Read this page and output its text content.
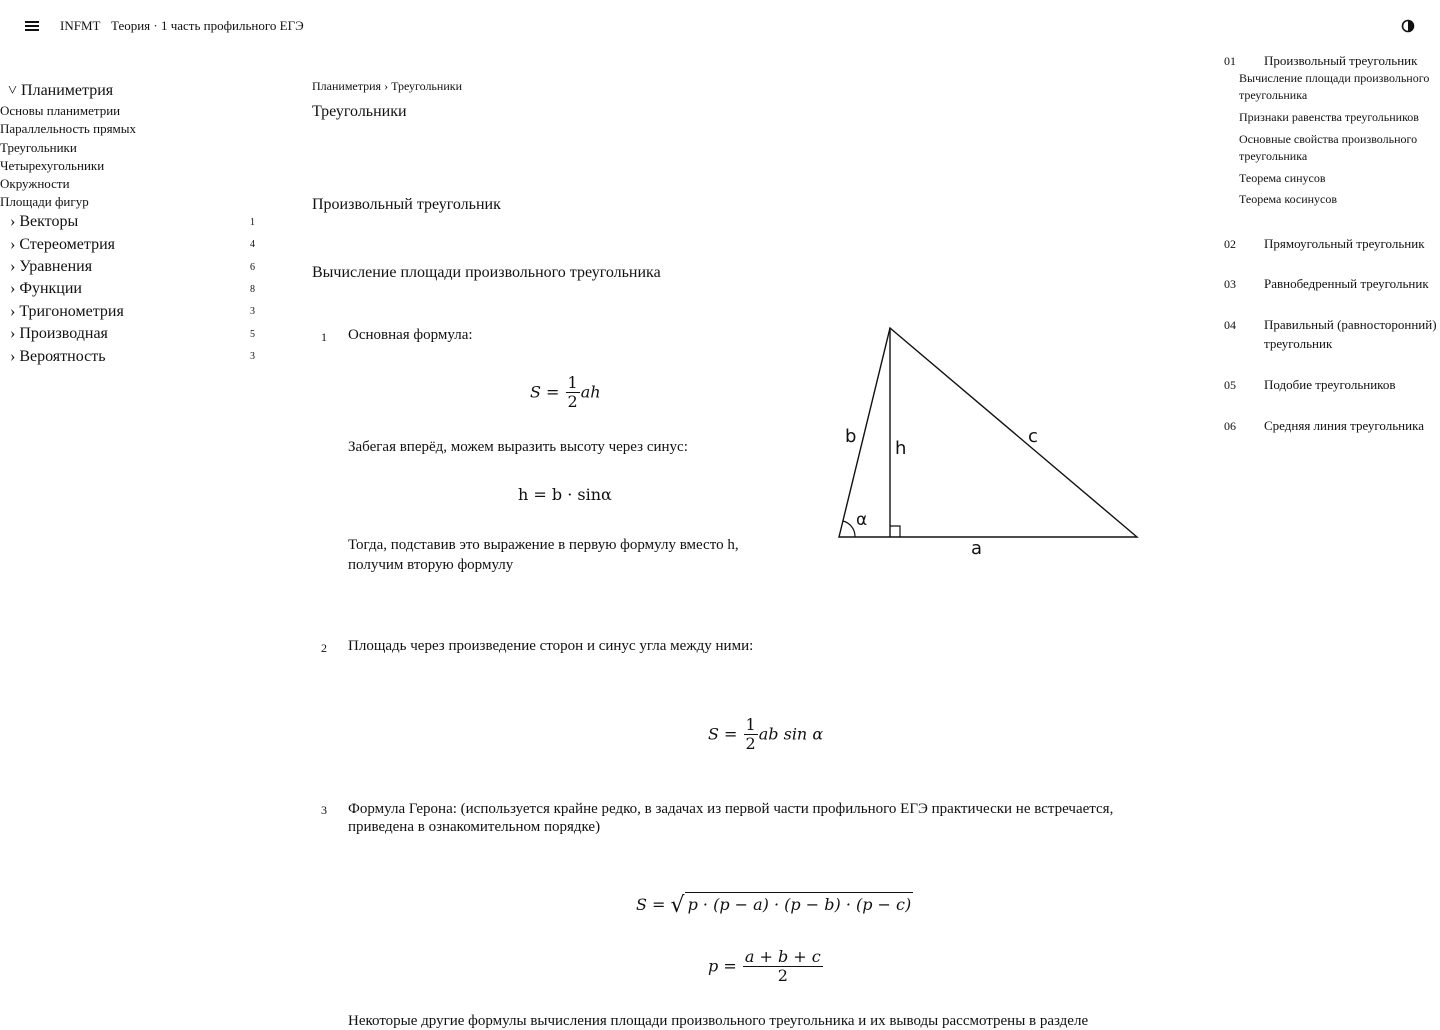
INFMT Теория · 1 часть профильного ЕГЭ
˅ Планиметрия
Основы планиметрии
Параллельность прямых
Треугольники
Четырехугольники
Окружности
Площади фигур
› Векторы	1
› Стереометрия	4
› Уравнения	6
› Функции	8
› Тригонометрия	3
› Производная	5
› Вероятность	3
Планиметрия › Треугольники
Треугольники
Произвольный треугольник
Вычисление площади произвольного треугольника
1 Основная формула:
$S = \frac{1}{2}$ ah
Забегая вперёд, можем выразить высоту через синус:
h = b · sinα
Тогда, подставив это выражение в первую формулу вместо h, получим вторую формулу
b
h
c
α
a
2 Площадь через произведение сторон и синус угла между ними:
$S = \frac{1}{2}$ ab sin α
3 Формула Герона: (используется крайне редко, в задачах из первой части профильного ЕГЭ практически не встречается, приведена в ознакомительном порядке)
S = √ p · (p − a) · (p − b) · (p − c)
$p = \frac{a + b + c}{2}$
Некоторые другие формулы вычисления площади произвольного треугольника и их выводы рассмотрены в разделе
01 Произвольный треугольник
Вычисление площади произвольного треугольника
Признаки равенства треугольников
Основные свойства произвольного треугольника
Теорема синусов
Теорема косинусов
02 Прямоугольный треугольник
03 Равнобедренный треугольник
04 Правильный (равносторонний) треугольник
05 Подобие треугольников
06 Средняя линия треугольника
